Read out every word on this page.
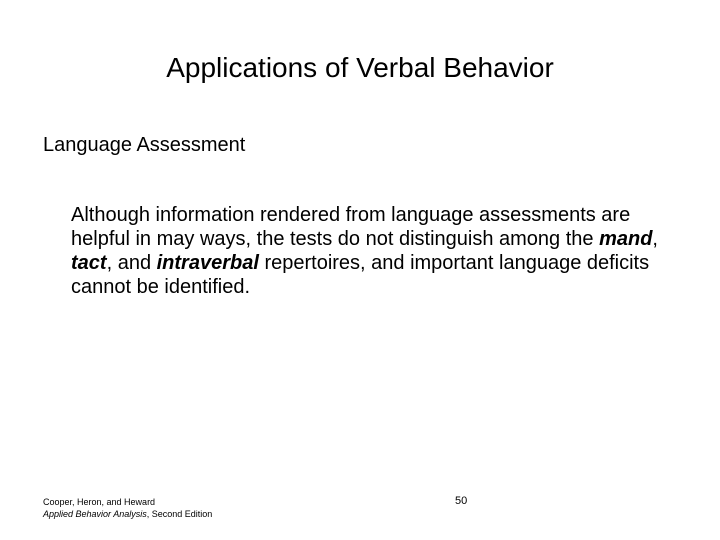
Applications of Verbal Behavior
Language Assessment
Although information rendered from language assessments are helpful in may ways, the tests do not distinguish among the mand, tact, and intraverbal repertoires, and important language deficits cannot be identified.
Cooper, Heron, and Heward
Applied Behavior Analysis, Second Edition
50
